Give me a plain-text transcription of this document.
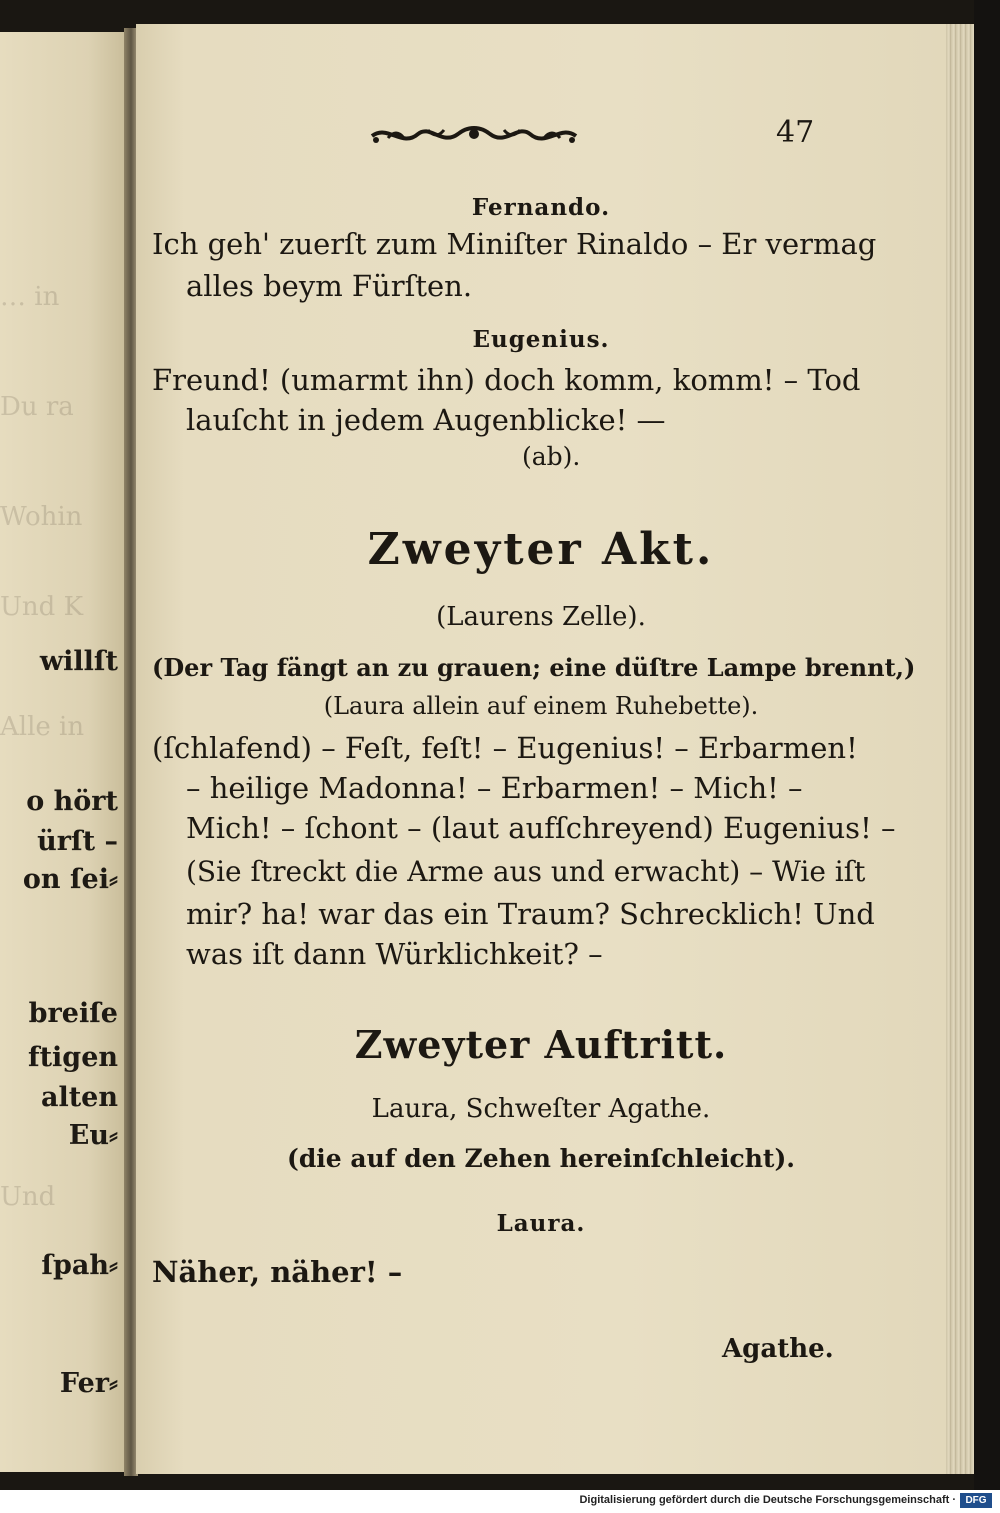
… in
Du ra
Wohin
Und K
Alle in
Und
willſt
o hört
ürſt –
on ſei⸗
breiſe
ftigen
alten
Eu⸗
ſpah⸗
Fer⸗
47
Fernando.
Ich geh' zuerſt zum Miniſter Rinaldo – Er vermag
alles beym Fürſten.
Eugenius.
Freund! (umarmt ihn) doch komm, komm! – Tod
lauſcht in jedem Augenblicke! —
(ab).
Zweyter Akt.
(Laurens Zelle).
(Der Tag fängt an zu grauen; eine düſtre Lampe brennt,)
(Laura allein auf einem Ruhebette).
(ſchlafend) – Feſt, feſt! – Eugenius! – Erbarmen!
– heilige Madonna! – Erbarmen! – Mich! –
Mich! – ſchont – (laut aufſchreyend) Eugenius! –
(Sie ſtreckt die Arme aus und erwacht) – Wie iſt
mir? ha! war das ein Traum? Schrecklich! Und
was iſt dann Würklichkeit? –
Zweyter Auftritt.
Laura, Schweſter Agathe.
(die auf den Zehen hereinſchleicht).
Laura.
Näher, näher! –
Agathe.
Digitalisierung gefördert durch die Deutsche Forschungsgemeinschaft · DFG
